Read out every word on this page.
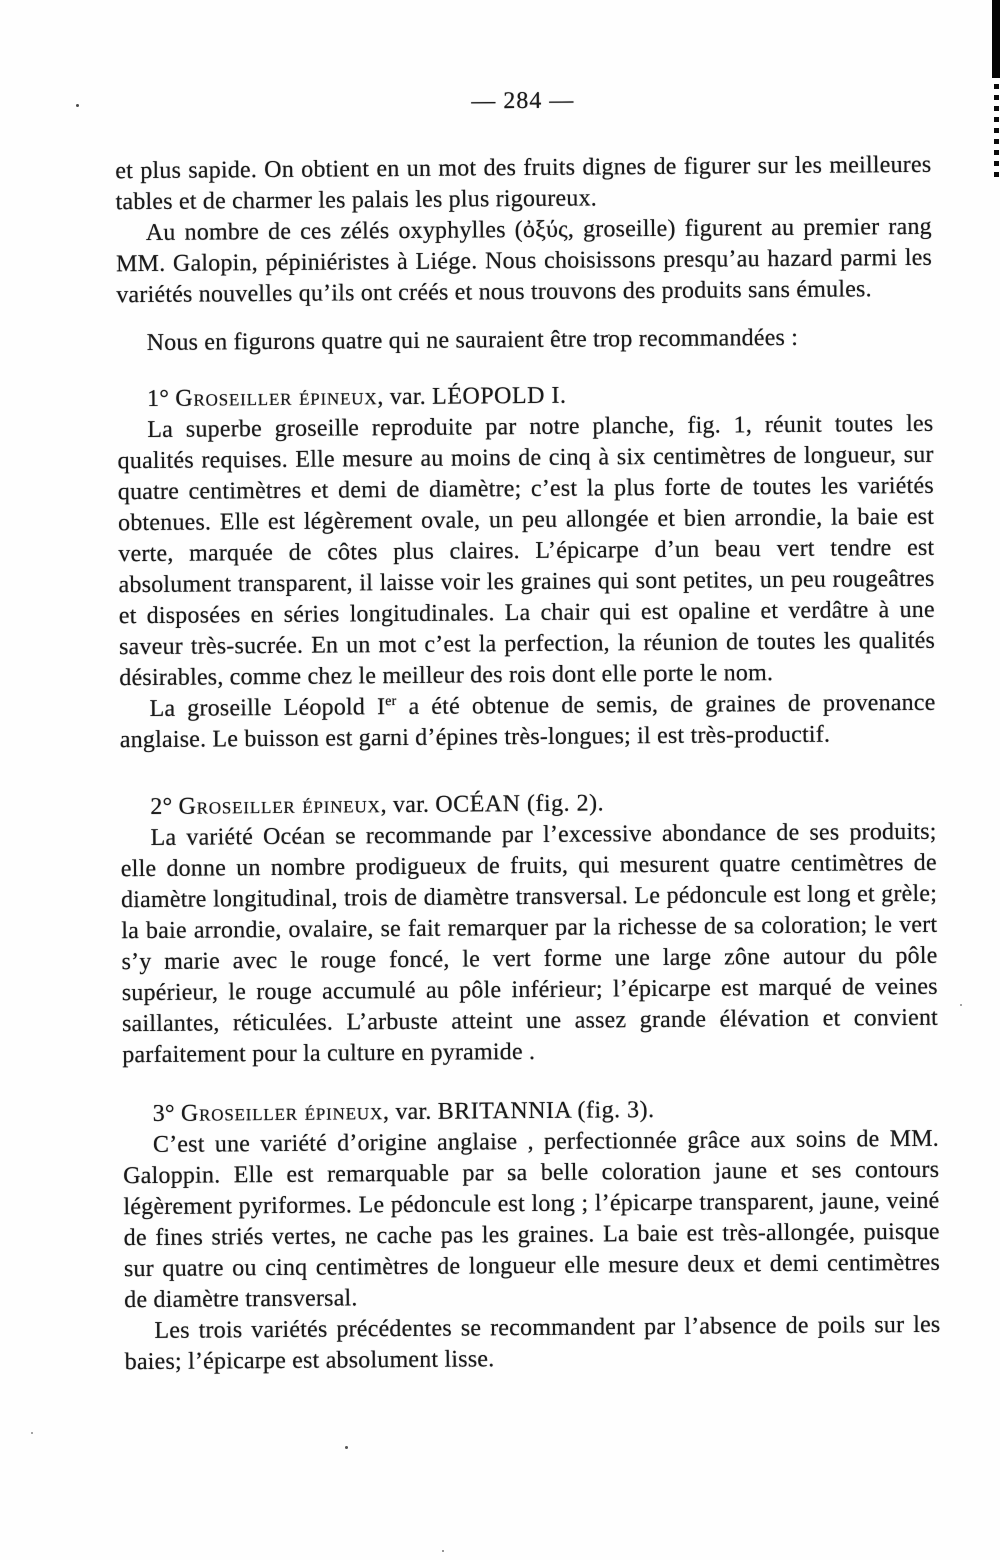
— 284 —

et plus sapide. On obtient en un mot des fruits dignes de figurer sur les meilleures tables et de charmer les palais les plus rigoureux.

Au nombre de ces zélés oxyphylles (ὀξύς, groseille) figurent au premier rang MM. Galopin, pépiniéristes à Liége. Nous choisissons presqu’au hazard parmi les variétés nouvelles qu’ils ont créés et nous trouvons des produits sans émules.

Nous en figurons quatre qui ne sauraient être trop recommandées :

1° Groseiller épineux, var. LÉOPOLD I.

La superbe groseille reproduite par notre planche, fig. 1, réunit toutes les qualités requises. Elle mesure au moins de cinq à six centimètres de longueur, sur quatre centimètres et demi de diamètre; c’est la plus forte de toutes les variétés obtenues. Elle est légèrement ovale, un peu allongée et bien arrondie, la baie est verte, marquée de côtes plus claires. L’épicarpe d’un beau vert tendre est absolument transparent, il laisse voir les graines qui sont petites, un peu rougeâtres et disposées en séries longitudinales. La chair qui est opaline et verdâtre à une saveur très-sucrée. En un mot c’est la perfection, la réunion de toutes les qualités désirables, comme chez le meilleur des rois dont elle porte le nom.

La groseille Léopold Ier a été obtenue de semis, de graines de provenance anglaise. Le buisson est garni d’épines très-longues; il est très-productif.

2° Groseiller épineux, var. OCÉAN (fig. 2).

La variété Océan se recommande par l’excessive abondance de ses produits; elle donne un nombre prodigueux de fruits, qui mesurent quatre centimètres de diamètre longitudinal, trois de diamètre transversal. Le pédoncule est long et grèle; la baie arrondie, ovalaire, se fait remarquer par la richesse de sa coloration; le vert s’y marie avec le rouge foncé, le vert forme une large zône autour du pôle supérieur, le rouge accumulé au pôle inférieur; l’épicarpe est marqué de veines saillantes, réticulées. L’arbuste atteint une assez grande élévation et convient parfaitement pour la culture en pyramide .

3° Groseiller épineux, var. BRITANNIA (fig. 3).

C’est une variété d’origine anglaise , perfectionnée grâce aux soins de MM. Galoppin. Elle est remarquable par sa belle coloration jaune et ses contours légèrement pyriformes. Le pédoncule est long ; l’épicarpe transparent, jaune, veiné de fines striés vertes, ne cache pas les graines. La baie est très-allongée, puisque sur quatre ou cinq centimètres de longueur elle mesure deux et demi centimètres de diamètre transversal.

Les trois variétés précédentes se recommandent par l’absence de poils sur les baies; l’épicarpe est absolument lisse.
